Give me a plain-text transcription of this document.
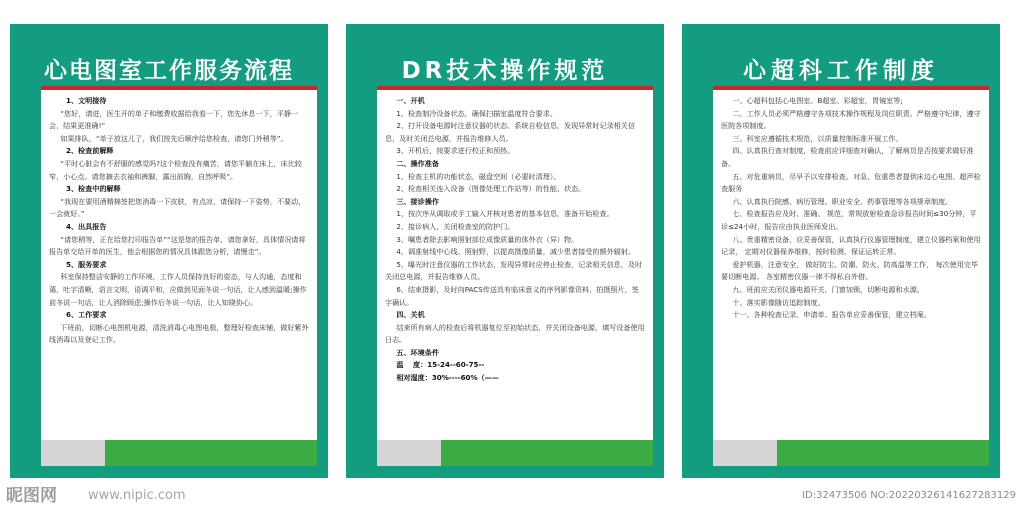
心电图室工作服务流程

1、文明接待

“您好，请进，医生开的单子和缴费收据给我看一下，您先休息一下，平静一会，结果更准确!”

如果排队，“单子放这儿了，我们按先后顺序给您检查，请您门外稍等”。

2、检查前解释

“平时心脏会有不舒服的感觉吗?这个检查没有痛苦，请您平躺在床上，床比较窄，小心点。请您摘去衣袖和裤脚，露出前胸，自然呼吸”。

3、检查中的解释

“我现在要用酒精棉签把您消毒一下皮肤，有点凉，请保持一下姿势，不要动，一会就好。”

4、出具报告

“请您稍等，正在给您打印报告单”“这是您的报告单，请您拿好，具体情况请将报告单交给开单的医生，他会根据您的情况具体跟您分析，请慢走”。

5、服务要求

科室保持整洁安静的工作环境，工作人员保持良好的姿态，与人沟通，态度和蔼，吐字清晰，语言文明，语调平和，应做到见面冬说一句话，让人感到温暖;操作前冬说一句话，让人消除顾虑;操作后冬说一句话，让人知晓协心。

6、工作要求

下班前，切断心电图机电源，清洗消毒心电图电极，整理好检查床铺，做好紫外线消毒以及登记工作。

DR技术操作规范

一、开机

1、检查制冷设备状态，确保扫描室温度符合要求。

2、打开设备电源时注意仪器的状态、系统自检信息，发现异常时记录相关信息，及时关闭总电源，并报告维修人员。

3、开机后，按要求进行校正和预热。

二、操作准备

1、检查主机的功能状态，磁盘空间（必要时清理）。

2、检查相关连入设备（图像处理工作站等）的性能、状态。

三、接诊操作

1、按次序从调取或手工输入并核对患者的基本信息，准备开始检查。

2、接诊病人，关闭检查室的防护门。

3、嘱患者除去影响照射部位成像质量的体外衣（异）物。

4、调准射线中心线、照射野，以提高摄像质量，减少患者接受的额外辐射。

5、曝光时注意仪器的工作状态，发现异常时应停止检查，记录相关信息，及时关闭总电源，并报告维修人员。

6、结束摄影，及时向PACS传送具有临床意义的序列影像资料，拍摄照片，签字确认。

四、关机

结束所有病人的检查后将机器复位至初始状态，并关闭设备电源，填写设备使用日志。

五、环境条件

温　 度：15-24--60-75--

相对湿度：30%----60%（——

心超科工作制度

一、心超科包括心电图室、B超室、彩超室，胃镜室等;

二、工作人员必须严格遵守各项技术操作规程及岗位职责。严格遵守纪律，遵守医院各项制度。

三、科室应遵循技术规范，以质量控制标准开展工作。

四、认真执行查对制度，检查前应详细查对确认，了解病员是否按要求做好准备。

五、对危重病员，尽早予以安排检查。对急、危重患者提供床边心电图、超声检查服务

六、认真执行院感、病历管理、职业安全、药事管理等各项规章制度。

七、检查报告应及时、准确、 规范，常规放射检查急诊报告时间≤30分钟，平诊≤24小时，报告应由执业医师发出。

八、贵重精密设备，应妥善保管，认真执行仪器管理制度，建立仪器档案和使用记录， 定期对仪器保养维修，按时检测，保证运转正常。

爱护机器，注意安全， 做好防尘、防潮、防火、防高温等工作， 每次使用完毕要切断电源。 各室精密仪器一律不得私自外借。

九、班前应关闭仪器电源开关，门窗加锁，切断电源和水源。

十、落实影像随访追踪制度。

十一、各种检查记录、申请单、报告单应妥善保管，建立档案。

昵图网 www.nipic.com	ID:32473506 NO:20220326141627283129
